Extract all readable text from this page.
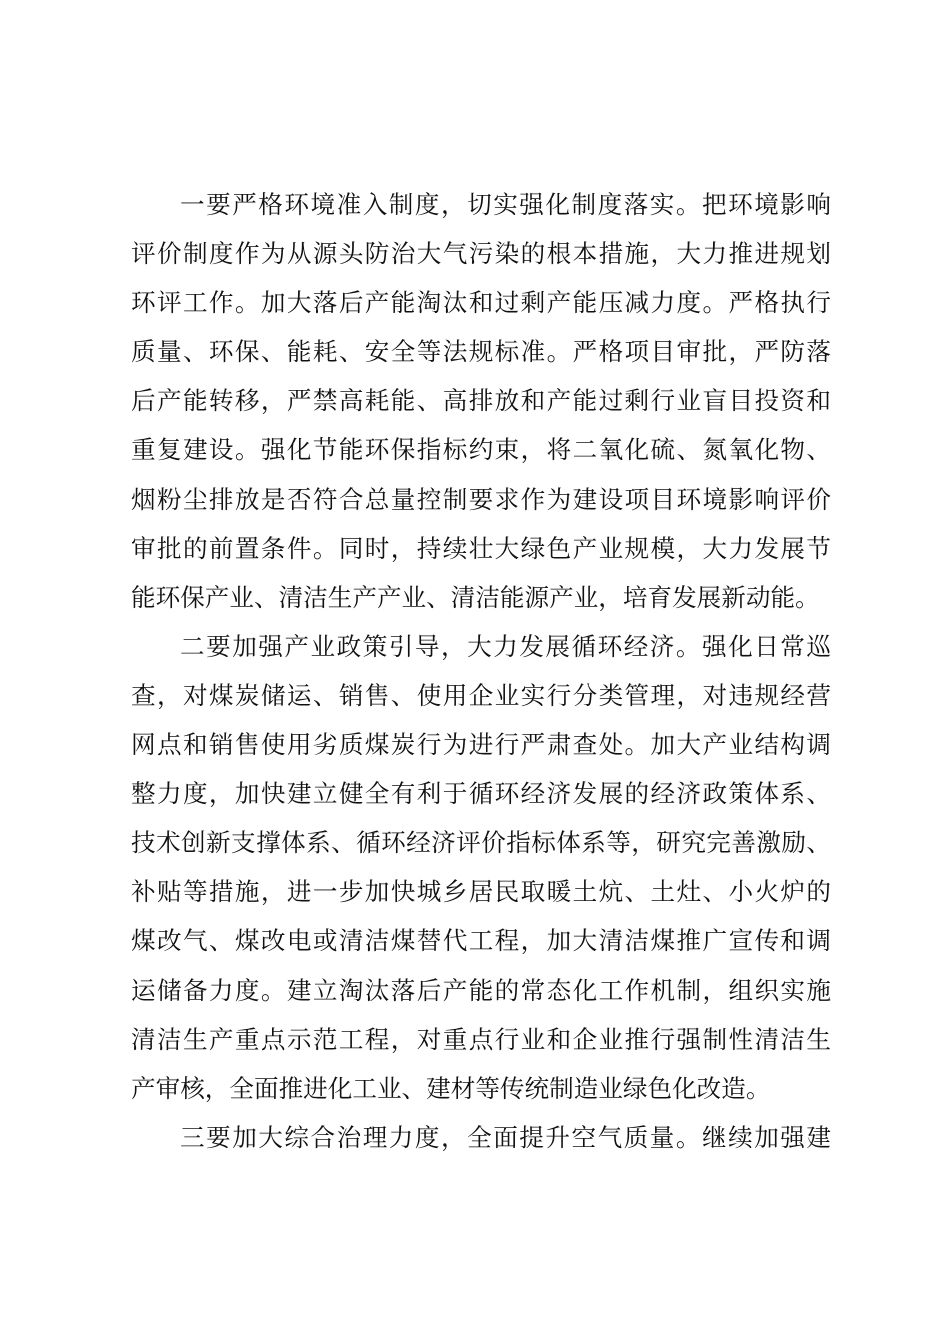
一要严格环境准入制度，切实强化制度落实。把环境影响
评价制度作为从源头防治大气污染的根本措施，大力推进规划
环评工作。加大落后产能淘汰和过剩产能压减力度。严格执行
质量、环保、能耗、安全等法规标准。严格项目审批，严防落
后产能转移，严禁高耗能、高排放和产能过剩行业盲目投资和
重复建设。强化节能环保指标约束，将二氧化硫、氮氧化物、
烟粉尘排放是否符合总量控制要求作为建设项目环境影响评价
审批的前置条件。同时，持续壮大绿色产业规模，大力发展节
能环保产业、清洁生产产业、清洁能源产业，培育发展新动能。
二要加强产业政策引导，大力发展循环经济。强化日常巡
查，对煤炭储运、销售、使用企业实行分类管理，对违规经营
网点和销售使用劣质煤炭行为进行严肃查处。加大产业结构调
整力度，加快建立健全有利于循环经济发展的经济政策体系、
技术创新支撑体系、循环经济评价指标体系等，研究完善激励、
补贴等措施，进一步加快城乡居民取暖土炕、土灶、小火炉的
煤改气、煤改电或清洁煤替代工程，加大清洁煤推广宣传和调
运储备力度。建立淘汰落后产能的常态化工作机制，组织实施
清洁生产重点示范工程，对重点行业和企业推行强制性清洁生
产审核，全面推进化工业、建材等传统制造业绿色化改造。
三要加大综合治理力度，全面提升空气质量。继续加强建
